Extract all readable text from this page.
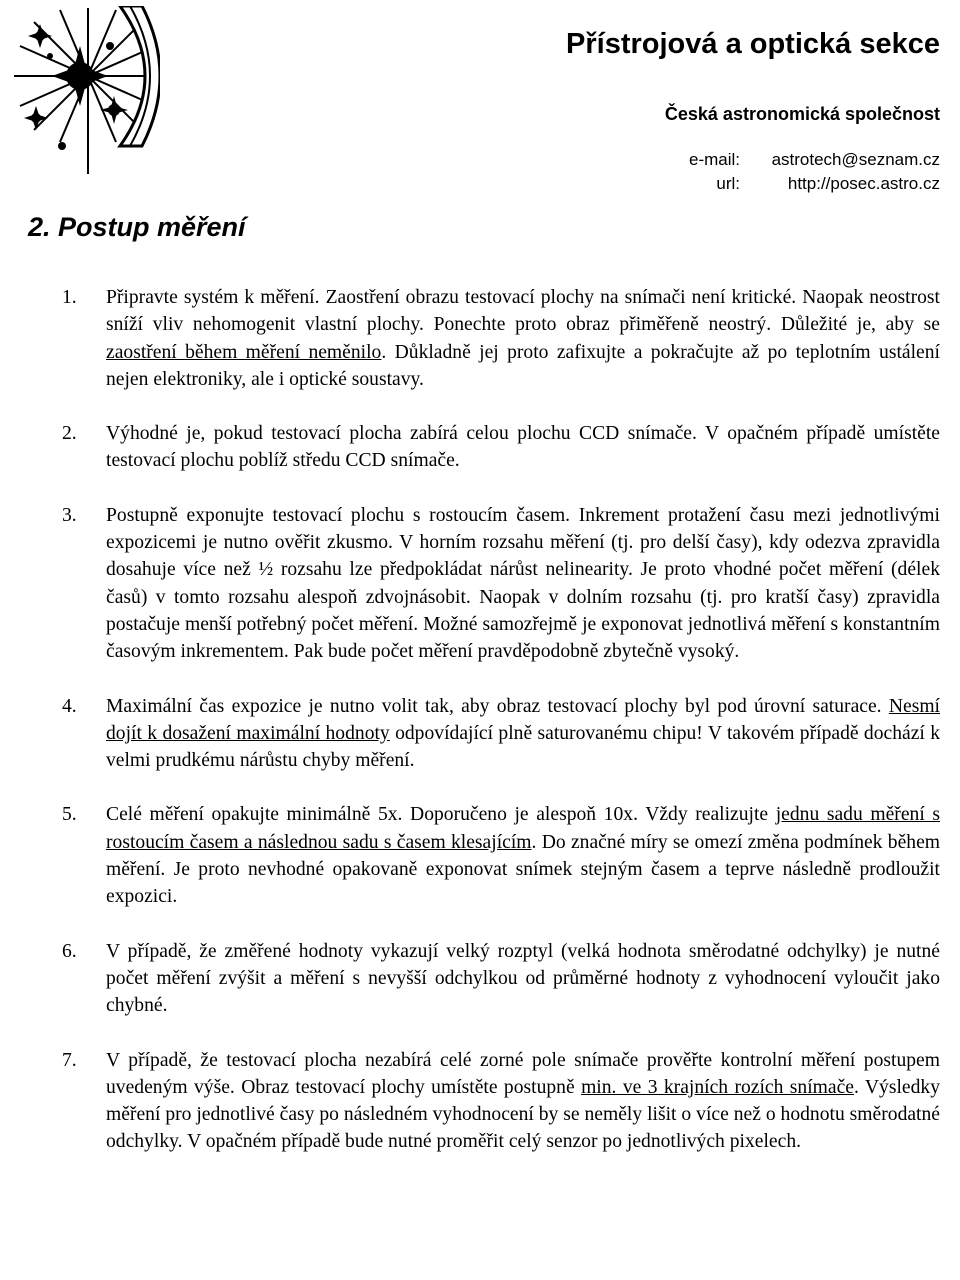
Přístrojová a optická sekce
Česká astronomická společnost
e-mail:	astrotech@seznam.cz
url:	http://posec.astro.cz
2. Postup měření
1.	Připravte systém k měření. Zaostření obrazu testovací plochy na snímači není kritické. Naopak neostrost sníží vliv nehomogenit vlastní plochy. Ponechte proto obraz přiměřeně neostrý. Důležité je, aby se zaostření během měření neměnilo. Důkladně jej proto zafixujte a pokračujte až po teplotním ustálení nejen elektroniky, ale i optické soustavy.
2.	Výhodné je, pokud testovací plocha zabírá celou plochu CCD snímače. V opačném případě umístěte testovací plochu poblíž středu CCD snímače.
3.	Postupně exponujte testovací plochu s rostoucím časem. Inkrement protažení času mezi jednotlivými expozicemi je nutno ověřit zkusmo. V horním rozsahu měření (tj. pro delší časy), kdy odezva zpravidla dosahuje více než ½ rozsahu lze předpokládat nárůst nelinearity. Je proto vhodné počet měření (délek časů) v tomto rozsahu alespoň zdvojnásobit. Naopak v dolním rozsahu (tj. pro kratší časy) zpravidla postačuje menší potřebný počet měření. Možné samozřejmě je exponovat jednotlivá měření s konstantním časovým inkrementem. Pak bude počet měření pravděpodobně zbytečně vysoký.
4.	Maximální čas expozice je nutno volit tak, aby obraz testovací plochy byl pod úrovní saturace. Nesmí dojít k dosažení maximální hodnoty odpovídající plně saturovanému chipu! V takovém případě dochází k velmi prudkému nárůstu chyby měření.
5.	Celé měření opakujte minimálně 5x. Doporučeno je alespoň 10x. Vždy realizujte jednu sadu měření s rostoucím časem a následnou sadu s časem klesajícím. Do značné míry se omezí změna podmínek během měření. Je proto nevhodné opakovaně exponovat snímek stejným časem a teprve následně prodloužit expozici.
6.	V případě, že změřené hodnoty vykazují velký rozptyl (velká hodnota směrodatné odchylky) je nutné počet měření zvýšit a měření s nevyšší odchylkou od průměrné hodnoty z vyhodnocení vyloučit jako chybné.
7.	V případě, že testovací plocha nezabírá celé zorné pole snímače prověřte kontrolní měření postupem uvedeným výše. Obraz testovací plochy umístěte postupně min. ve 3 krajních rozích snímače. Výsledky měření pro jednotlivé časy po následném vyhodnocení by se neměly lišit o více než o hodnotu směrodatné odchylky. V opačném případě bude nutné proměřit celý senzor po jednotlivých pixelech.
